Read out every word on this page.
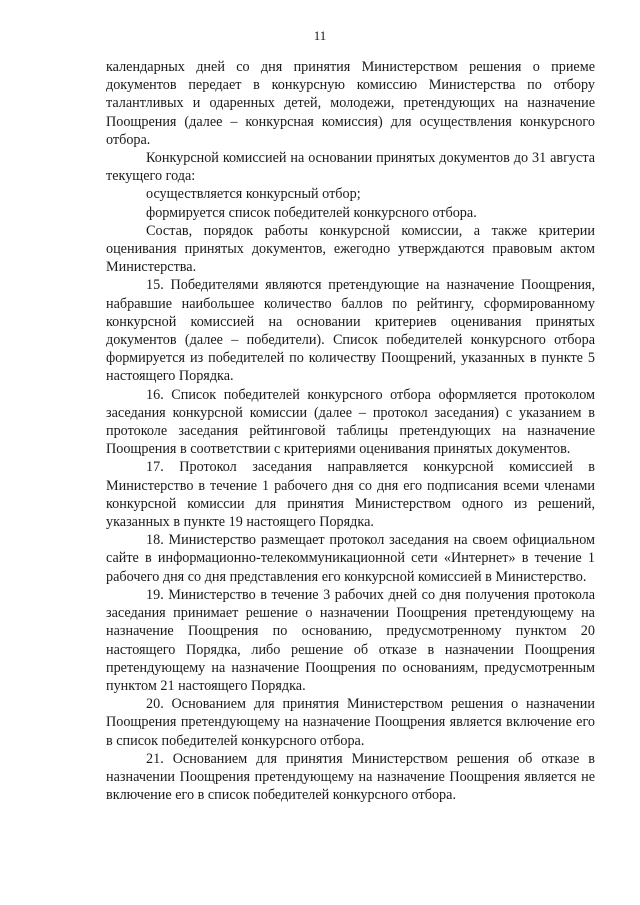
11

календарных дней со дня принятия Министерством решения о приеме документов передает в конкурсную комиссию Министерства по отбору талантливых и одаренных детей, молодежи, претендующих на назначение Поощрения (далее – конкурсная комиссия) для осуществления конкурсного отбора.

Конкурсной комиссией на основании принятых документов до 31 августа текущего года:

осуществляется конкурсный отбор;

формируется список победителей конкурсного отбора.

Состав, порядок работы конкурсной комиссии, а также критерии оценивания принятых документов, ежегодно утверждаются правовым актом Министерства.

15. Победителями являются претендующие на назначение Поощрения, набравшие наибольшее количество баллов по рейтингу, сформированному конкурсной комиссией на основании критериев оценивания принятых документов (далее – победители). Список победителей конкурсного отбора формируется из победителей по количеству Поощрений, указанных в пункте 5 настоящего Порядка.

16. Список победителей конкурсного отбора оформляется протоколом заседания конкурсной комиссии (далее – протокол заседания) с указанием в протоколе заседания рейтинговой таблицы претендующих на назначение Поощрения в соответствии с критериями оценивания принятых документов.

17. Протокол заседания направляется конкурсной комиссией в Министерство в течение 1 рабочего дня со дня его подписания всеми членами конкурсной комиссии для принятия Министерством одного из решений, указанных в пункте 19 настоящего Порядка.

18. Министерство размещает протокол заседания на своем официальном сайте в информационно-телекоммуникационной сети «Интернет» в течение 1 рабочего дня со дня представления его конкурсной комиссией в Министерство.

19. Министерство в течение 3 рабочих дней со дня получения протокола заседания принимает решение о назначении Поощрения претендующему на назначение Поощрения по основанию, предусмотренному пунктом 20 настоящего Порядка, либо решение об отказе в назначении Поощрения претендующему на назначение Поощрения по основаниям, предусмотренным пунктом 21 настоящего Порядка.

20. Основанием для принятия Министерством решения о назначении Поощрения претендующему на назначение Поощрения является включение его в список победителей конкурсного отбора.

21. Основанием для принятия Министерством решения об отказе в назначении Поощрения претендующему на назначение Поощрения является не включение его в список победителей конкурсного отбора.
